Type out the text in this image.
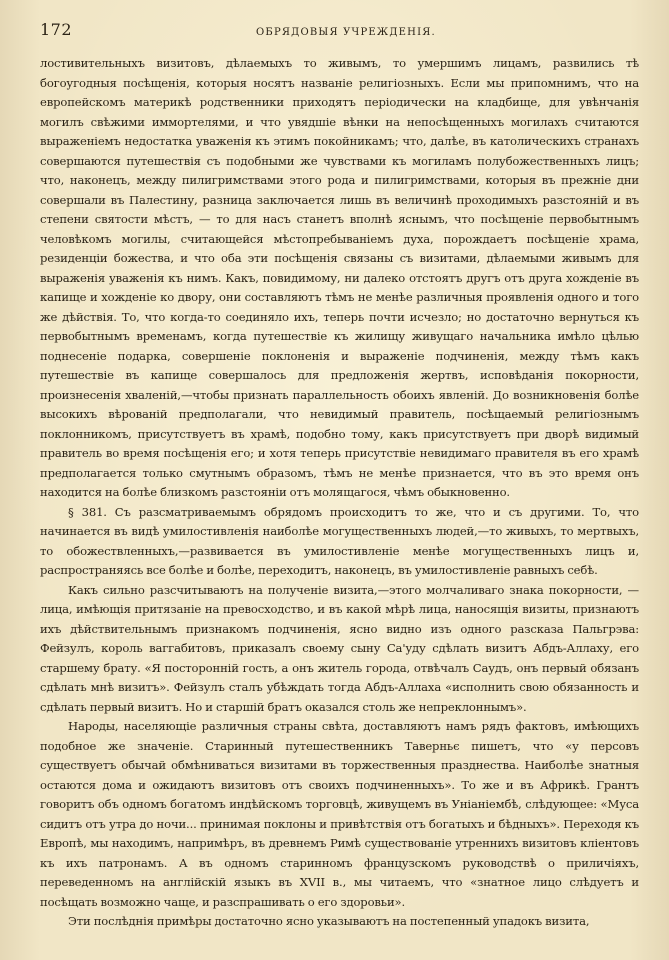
172	ОБРЯДОВЫЯ УЧРЕЖДЕНІЯ.

лостивительныхъ визитовъ, дѣлаемыхъ то живымъ, то умершимъ лицамъ, развились тѣ богоугодныя посѣщенія, которыя носятъ названіе религіозныхъ. Если мы припомнимъ, что на европейскомъ материкѣ родственники приходятъ періодически на кладбище, для увѣнчанія могилъ свѣжими иммортелями, и что увядшіе вѣнки на непосѣщенныхъ могилахъ считаются выраженіемъ недостатка уваженія къ этимъ покойникамъ; что, далѣе, въ католическихъ странахъ совершаются путешествія съ подобными же чувствами къ могиламъ полубожественныхъ лицъ; что, наконецъ, между пилигримствами этого рода и пилигримствами, которыя въ прежніе дни совершали въ Палестину, разница заключается лишь въ величинѣ проходимыхъ разстояній и въ степени святости мѣстъ, — то для насъ станетъ вполнѣ яснымъ, что посѣщеніе первобытнымъ человѣкомъ могилы, считающейся мѣстопребываніемъ духа, порождаетъ посѣщеніе храма, резиденціи божества, и что оба эти посѣщенія связаны съ визитами, дѣлаемыми живымъ для выраженія уваженія къ нимъ. Какъ, повидимому, ни далеко отстоятъ другъ отъ друга хожденіе въ капище и хожденіе ко двору, они составляютъ тѣмъ не менѣе различныя проявленія одного и того же дѣйствія. То, что когда-то соединяло ихъ, теперь почти исчезло; но достаточно вернуться къ первобытнымъ временамъ, когда путешествіе къ жилищу живущаго начальника имѣло цѣлью поднесеніе подарка, совершеніе поклоненія и выраженіе подчиненія, между тѣмъ какъ путешествіе въ капище совершалось для предложенія жертвъ, исповѣданія покорности, произнесенія хваленій,—чтобы признать параллельность обоихъ явленій. До возникновенія болѣе высокихъ вѣрованій предполагали, что невидимый правитель, посѣщаемый религіознымъ поклонникомъ, присутствуетъ въ храмѣ, подобно тому, какъ присутствуетъ при дворѣ видимый правитель во время посѣщенія его; и хотя теперь присутствіе невидимаго правителя въ его храмѣ предполагается только смутнымъ образомъ, тѣмъ не менѣе признается, что въ это время онъ находится на болѣе близкомъ разстояніи отъ молящагося, чѣмъ обыкновенно.

§ 381. Съ разсматриваемымъ обрядомъ происходитъ то же, что и съ другими. То, что начинается въ видѣ умилостивленія наиболѣе могущественныхъ людей,—то живыхъ, то мертвыхъ, то обожествленныхъ,—развивается въ умилостивленіе менѣе могущественныхъ лицъ и, распространяясь все болѣе и болѣе, переходитъ, наконецъ, въ умилостивленіе равныхъ себѣ.

Какъ сильно разсчитываютъ на полученіе визита,—этого молчаливаго знака покорности, — лица, имѣющія притязаніе на превосходство, и въ какой мѣрѣ лица, наносящія визиты, признаютъ ихъ дѣйствительнымъ признакомъ подчиненія, ясно видно изъ одного разсказа Пальгрэва: Фейзулъ, король ваггабитовъ, приказалъ своему сыну Са'уду сдѣлать визитъ Абдъ-Аллаху, его старшему брату. «Я посторонній гость, а онъ житель города, отвѣчалъ Саудъ, онъ первый обязанъ сдѣлать мнѣ визитъ». Фейзулъ сталъ убѣждать тогда Абдъ-Аллаха «исполнить свою обязанность и сдѣлать первый визитъ. Но и старшій братъ оказался столь же непреклоннымъ».

Народы, населяющіе различныя страны свѣта, доставляютъ намъ рядъ фактовъ, имѣющихъ подобное же значеніе. Старинный путешественникъ Таверньє пишетъ, что «у персовъ существуетъ обычай обмѣниваться визитами въ торжественныя празднества. Наиболѣе знатныя остаются дома и ожидаютъ визитовъ отъ своихъ подчиненныхъ». То же и въ Африкѣ. Грантъ говоритъ объ одномъ богатомъ индѣйскомъ торговцѣ, живущемъ въ Уніаніембѣ, слѣдующее: «Муса сидитъ отъ утра до ночи... принимая поклоны и привѣтствія отъ богатыхъ и бѣдныхъ». Переходя къ Европѣ, мы находимъ, напримѣръ, въ древнемъ Римѣ существованіе утреннихъ визитовъ кліентовъ къ ихъ патронамъ. А въ одномъ старинномъ французскомъ руководствѣ о приличіяхъ, переведенномъ на англійскій языкъ въ XVII в., мы читаемъ, что «знатное лицо слѣдуетъ и посѣщать возможно чаще, и разспрашивать о его здоровьи».

Эти послѣднія примѣры достаточно ясно указываютъ на постепенный упадокъ визита,
